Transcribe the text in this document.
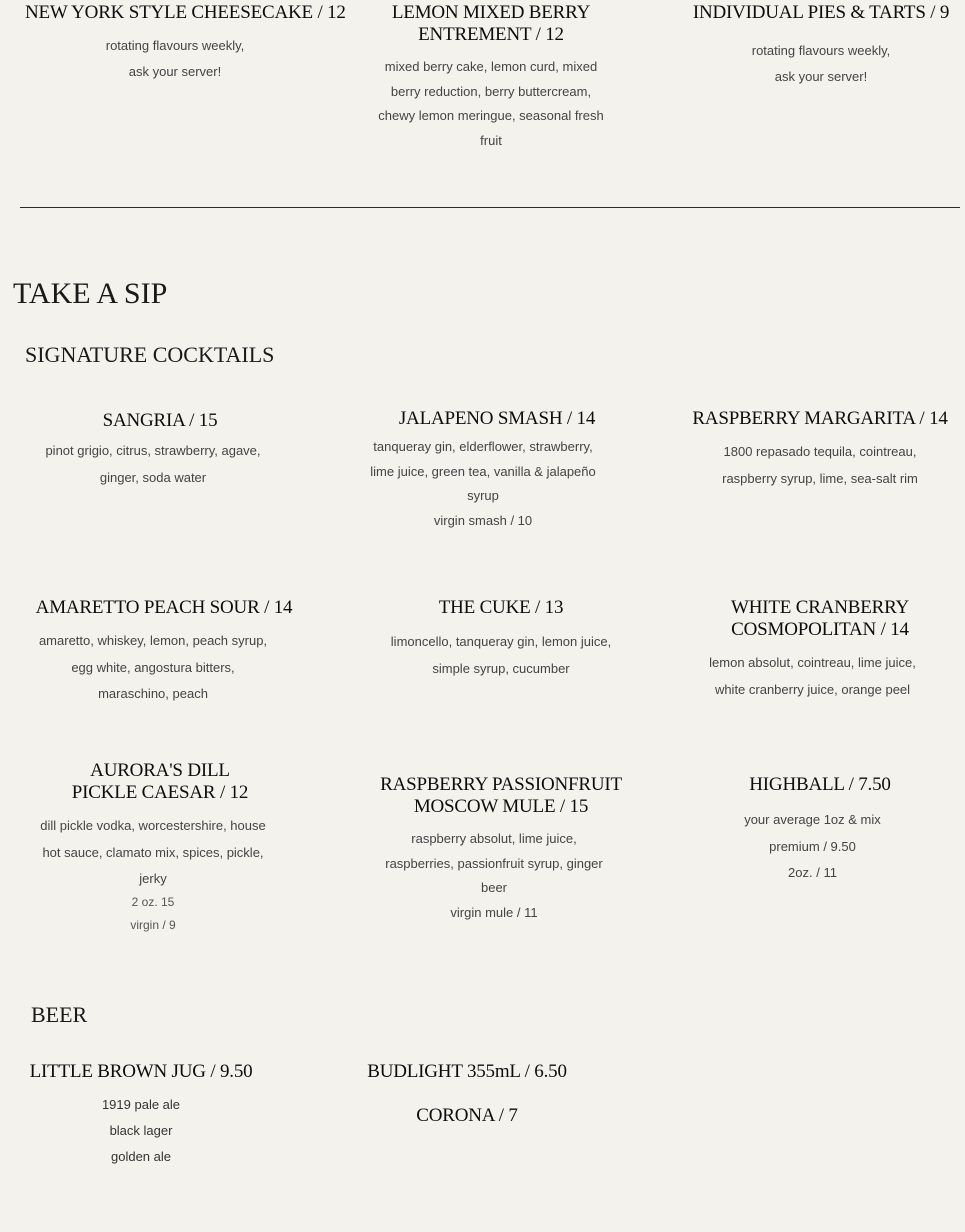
NEW YORK STYLE CHEESECAKE / 12
rotating flavours weekly,
ask your server!
LEMON MIXED BERRY
ENTREMENT / 12
mixed berry cake, lemon curd, mixed
berry reduction, berry buttercream,
chewy lemon meringue, seasonal fresh
fruit
INDIVIDUAL PIES & TARTS / 9
rotating flavours weekly,
ask your server!
TAKE A SIP
SIGNATURE COCKTAILS
SANGRIA / 15
pinot grigio, citrus, strawberry, agave,
ginger, soda water
JALAPENO SMASH / 14
tanqueray gin, elderflower, strawberry,
lime juice, green tea, vanilla & jalapeño
syrup
virgin smash / 10
RASPBERRY MARGARITA / 14
1800 repasado tequila, cointreau,
raspberry syrup, lime, sea-salt rim
AMARETTO PEACH SOUR / 14
amaretto, whiskey, lemon, peach syrup,
egg white, angostura bitters,
maraschino, peach
THE CUKE / 13
limoncello, tanqueray gin, lemon juice,
simple syrup, cucumber
WHITE CRANBERRY
COSMOPOLITAN / 14
lemon absolut, cointreau, lime juice,
white cranberry juice, orange peel
AURORA'S DILL
PICKLE CAESAR / 12
dill pickle vodka, worcestershire, house
hot sauce, clamato mix, spices, pickle,
jerky
2 oz. 15
virgin / 9
RASPBERRY PASSIONFRUIT
MOSCOW MULE / 15
raspberry absolut, lime juice,
raspberries, passionfruit syrup, ginger
beer
virgin mule / 11
HIGHBALL / 7.50
your average 1oz & mix
premium / 9.50
2oz. / 11
BEER
LITTLE BROWN JUG / 9.50
1919 pale ale
black lager
golden ale
BUDLIGHT 355mL / 6.50
CORONA / 7
